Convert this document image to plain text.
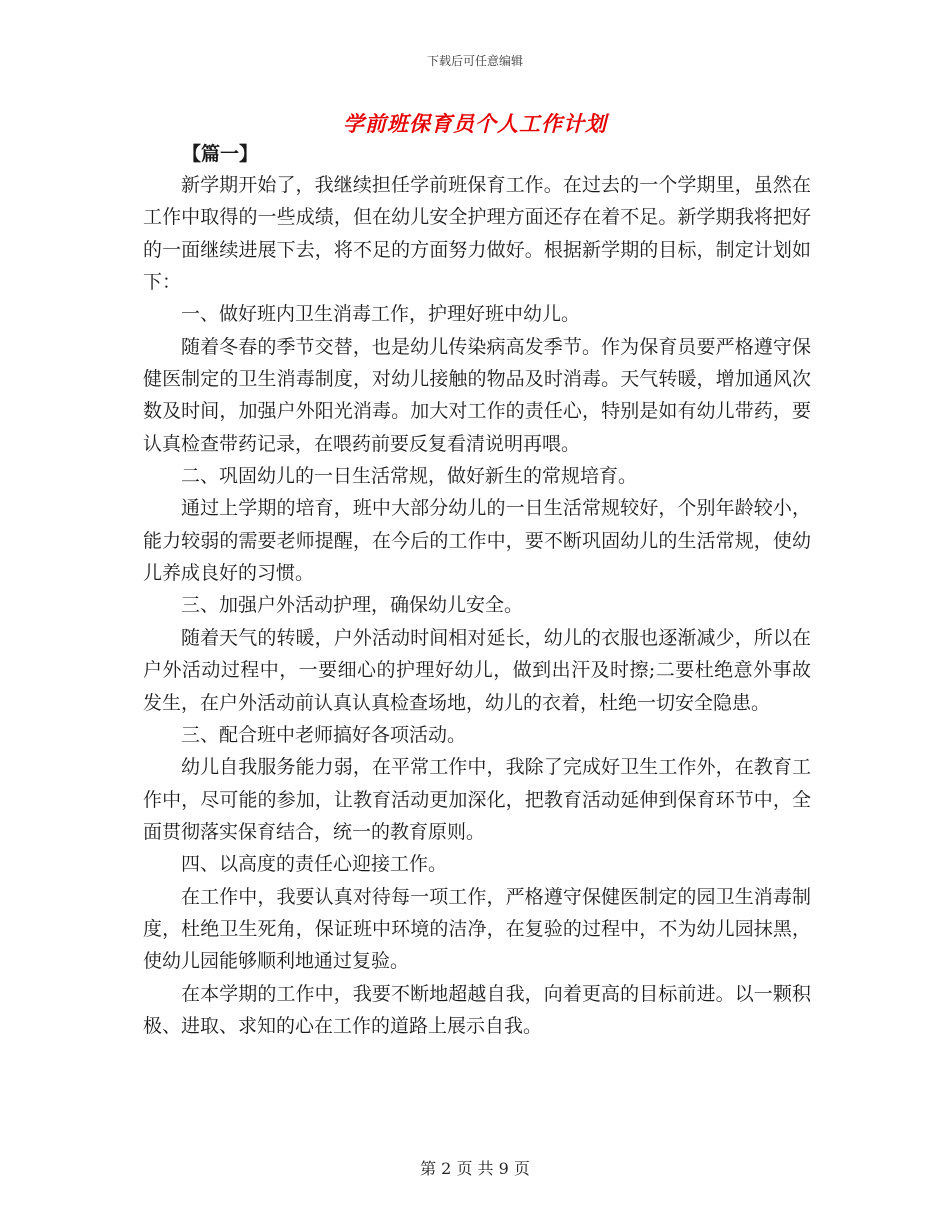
下载后可任意编辑
学前班保育员个人工作计划
【篇一】

新学期开始了，我继续担任学前班保育工作。在过去的一个学期里，虽然在工作中取得的一些成绩，但在幼儿安全护理方面还存在着不足。新学期我将把好的一面继续进展下去，将不足的方面努力做好。根据新学期的目标，制定计划如下：

一、做好班内卫生消毒工作，护理好班中幼儿。

随着冬春的季节交替，也是幼儿传染病高发季节。作为保育员要严格遵守保健医制定的卫生消毒制度，对幼儿接触的物品及时消毒。天气转暖，增加通风次数及时间，加强户外阳光消毒。加大对工作的责任心，特别是如有幼儿带药，要认真检查带药记录，在喂药前要反复看清说明再喂。

二、巩固幼儿的一日生活常规，做好新生的常规培育。

通过上学期的培育，班中大部分幼儿的一日生活常规较好，个别年龄较小，能力较弱的需要老师提醒，在今后的工作中，要不断巩固幼儿的生活常规，使幼儿养成良好的习惯。

三、加强户外活动护理，确保幼儿安全。

随着天气的转暖，户外活动时间相对延长，幼儿的衣服也逐渐减少，所以在户外活动过程中，一要细心的护理好幼儿，做到出汗及时擦;二要杜绝意外事故发生，在户外活动前认真认真检查场地，幼儿的衣着，杜绝一切安全隐患。

三、配合班中老师搞好各项活动。

幼儿自我服务能力弱，在平常工作中，我除了完成好卫生工作外，在教育工作中，尽可能的参加，让教育活动更加深化，把教育活动延伸到保育环节中，全面贯彻落实保育结合，统一的教育原则。

四、以高度的责任心迎接工作。

在工作中，我要认真对待每一项工作，严格遵守保健医制定的园卫生消毒制度，杜绝卫生死角，保证班中环境的洁净，在复验的过程中，不为幼儿园抹黑，使幼儿园能够顺利地通过复验。

在本学期的工作中，我要不断地超越自我，向着更高的目标前进。以一颗积极、进取、求知的心在工作的道路上展示自我。

第 2 页 共 9 页
